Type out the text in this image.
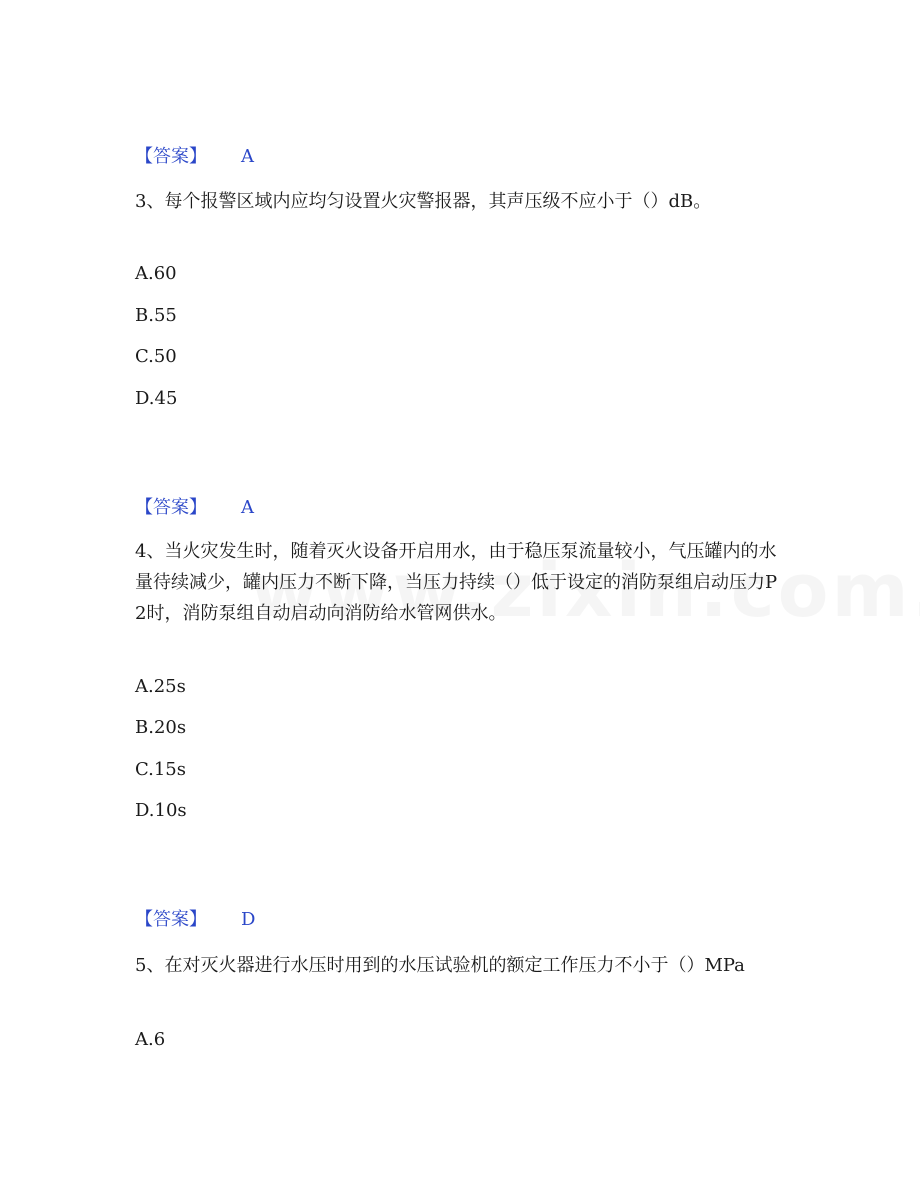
【答案】 A
3、每个报警区域内应均匀设置火灾警报器，其声压级不应小于（）dB。
A.60
B.55
C.50
D.45
【答案】 A
4、当火灾发生时，随着灭火设备开启用水，由于稳压泵流量较小，气压罐内的水量待续减少，罐内压力不断下降，当压力持续（）低于设定的消防泵组启动压力P2时，消防泵组自动启动向消防给水管网供水。
A.25s
B.20s
C.15s
D.10s
【答案】 D
5、在对灭火器进行水压时用到的水压试验机的额定工作压力不小于（）MPa
A.6
